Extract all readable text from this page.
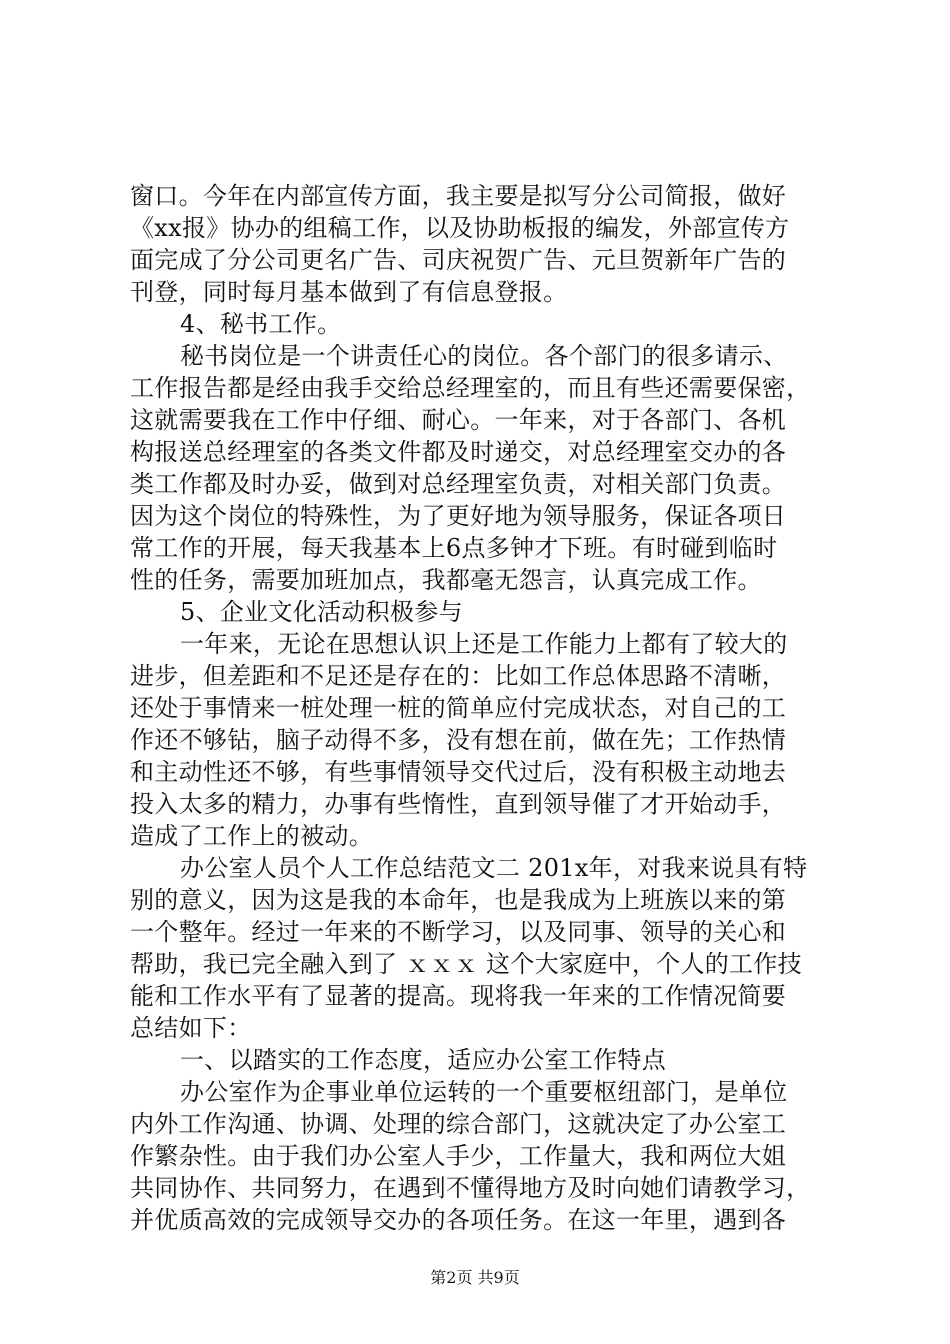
窗口。今年在内部宣传方面，我主要是拟写分公司简报，做好
《xx报》协办的组稿工作，以及协助板报的编发，外部宣传方
面完成了分公司更名广告、司庆祝贺广告、元旦贺新年广告的
刊登，同时每月基本做到了有信息登报。
4、秘书工作。
秘书岗位是一个讲责任心的岗位。各个部门的很多请示、
工作报告都是经由我手交给总经理室的，而且有些还需要保密，
这就需要我在工作中仔细、耐心。一年来，对于各部门、各机
构报送总经理室的各类文件都及时递交，对总经理室交办的各
类工作都及时办妥，做到对总经理室负责，对相关部门负责。
因为这个岗位的特殊性，为了更好地为领导服务，保证各项日
常工作的开展，每天我基本上6点多钟才下班。有时碰到临时
性的任务，需要加班加点，我都毫无怨言，认真完成工作。
5、企业文化活动积极参与
一年来，无论在思想认识上还是工作能力上都有了较大的
进步，但差距和不足还是存在的：比如工作总体思路不清晰，
还处于事情来一桩处理一桩的简单应付完成状态，对自己的工
作还不够钻，脑子动得不多，没有想在前，做在先；工作热情
和主动性还不够，有些事情领导交代过后，没有积极主动地去
投入太多的精力，办事有些惰性，直到领导催了才开始动手，
造成了工作上的被动。
办公室人员个人工作总结范文二 201x年，对我来说具有特
别的意义，因为这是我的本命年，也是我成为上班族以来的第
一个整年。经过一年来的不断学习，以及同事、领导的关心和
帮助，我已完全融入到了 ｘｘｘ 这个大家庭中，个人的工作技
能和工作水平有了显著的提高。现将我一年来的工作情况简要
总结如下：
一、以踏实的工作态度，适应办公室工作特点
办公室作为企事业单位运转的一个重要枢纽部门，是单位
内外工作沟通、协调、处理的综合部门，这就决定了办公室工
作繁杂性。由于我们办公室人手少，工作量大，我和两位大姐
共同协作、共同努力，在遇到不懂得地方及时向她们请教学习，
并优质高效的完成领导交办的各项任务。在这一年里，遇到各
第2页 共9页
